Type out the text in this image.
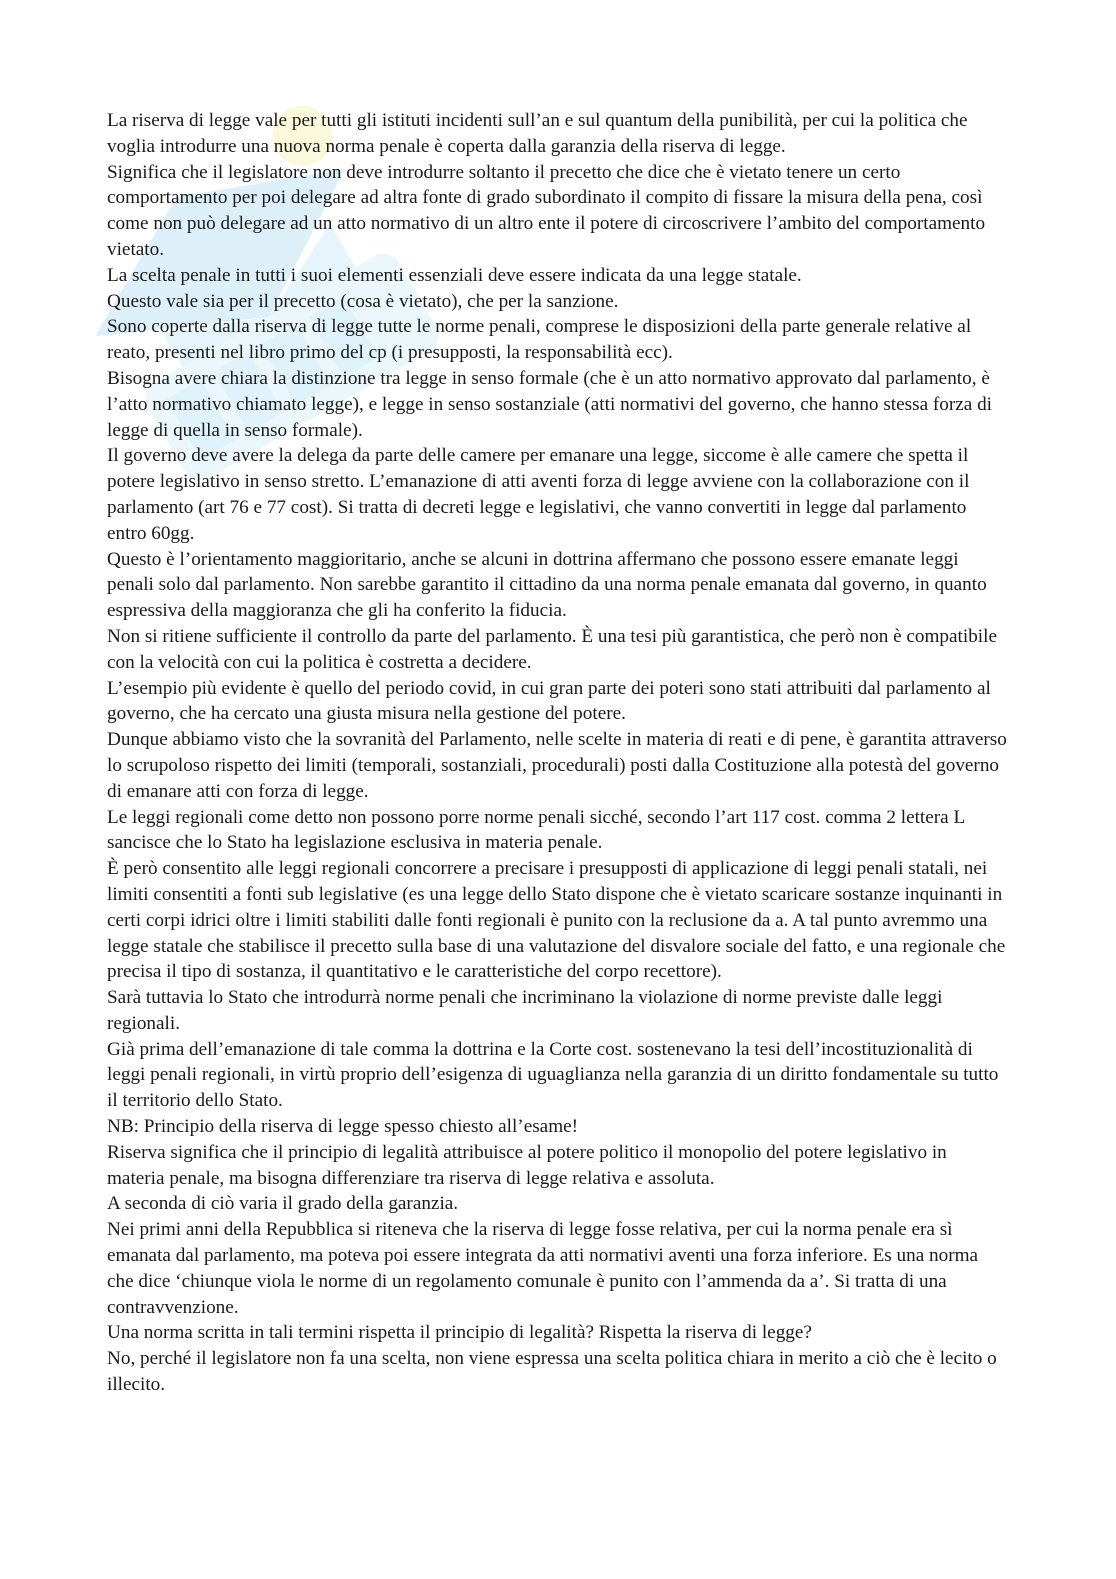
La riserva di legge vale per tutti gli istituti incidenti sull’an e sul quantum della punibilità, per cui la politica che voglia introdurre una nuova norma penale è coperta dalla garanzia della riserva di legge.

Significa che il legislatore non deve introdurre soltanto il precetto che dice che è vietato tenere un certo comportamento per poi delegare ad altra fonte di grado subordinato il compito di fissare la misura della pena, così come non può delegare ad un atto normativo di un altro ente il potere di circoscrivere l’ambito del comportamento vietato.

La scelta penale in tutti i suoi elementi essenziali deve essere indicata da una legge statale.

Questo vale sia per il precetto (cosa è vietato), che per la sanzione.

Sono coperte dalla riserva di legge tutte le norme penali, comprese le disposizioni della parte generale relative al reato, presenti nel libro primo del cp (i presupposti, la responsabilità ecc).

Bisogna avere chiara la distinzione tra legge in senso formale (che è un atto normativo approvato dal parlamento, è l’atto normativo chiamato legge), e legge in senso sostanziale (atti normativi del governo, che hanno stessa forza di legge di quella in senso formale).

Il governo deve avere la delega da parte delle camere per emanare una legge, siccome è alle camere che spetta il potere legislativo in senso stretto. L’emanazione di atti aventi forza di legge avviene con la collaborazione con il parlamento (art 76 e 77 cost). Si tratta di decreti legge e legislativi, che vanno convertiti in legge dal parlamento entro 60gg.

Questo è l’orientamento maggioritario, anche se alcuni in dottrina affermano che possono essere emanate leggi penali solo dal parlamento. Non sarebbe garantito il cittadino da una norma penale emanata dal governo, in quanto espressiva della maggioranza che gli ha conferito la fiducia.

Non si ritiene sufficiente il controllo da parte del parlamento. È una tesi più garantistica, che però non è compatibile con la velocità con cui la politica è costretta a decidere.

L’esempio più evidente è quello del periodo covid, in cui gran parte dei poteri sono stati attribuiti dal parlamento al governo, che ha cercato una giusta misura nella gestione del potere.

Dunque abbiamo visto che la sovranità del Parlamento, nelle scelte in materia di reati e di pene, è garantita attraverso lo scrupoloso rispetto dei limiti (temporali, sostanziali, procedurali) posti dalla Costituzione alla potestà del governo di emanare atti con forza di legge.

Le leggi regionali come detto non possono porre norme penali sicché, secondo l’art 117 cost. comma 2 lettera L sancisce che lo Stato ha legislazione esclusiva in materia penale.

È però consentito alle leggi regionali concorrere a precisare i presupposti di applicazione di leggi penali statali, nei limiti consentiti a fonti sub legislative (es una legge dello Stato dispone che è vietato scaricare sostanze inquinanti in certi corpi idrici oltre i limiti stabiliti dalle fonti regionali è punito con la reclusione da a. A tal punto avremmo una legge statale che stabilisce il precetto sulla base di una valutazione del disvalore sociale del fatto, e una regionale che precisa il tipo di sostanza, il quantitativo e le caratteristiche del corpo recettore).

Sarà tuttavia lo Stato che introdurrà norme penali che incriminano la violazione di norme previste dalle leggi regionali.

Già prima dell’emanazione di tale comma la dottrina e la Corte cost. sostenevano la tesi dell’incostituzionalità di leggi penali regionali, in virtù proprio dell’esigenza di uguaglianza nella garanzia di un diritto fondamentale su tutto il territorio dello Stato.

NB: Principio della riserva di legge spesso chiesto all’esame!

Riserva significa che il principio di legalità attribuisce al potere politico il monopolio del potere legislativo in materia penale, ma bisogna differenziare tra riserva di legge relativa e assoluta.

A seconda di ciò varia il grado della garanzia.

Nei primi anni della Repubblica si riteneva che la riserva di legge fosse relativa, per cui la norma penale era sì emanata dal parlamento, ma poteva poi essere integrata da atti normativi aventi una forza inferiore. Es una norma che dice ‘chiunque viola le norme di un regolamento comunale è punito con l’ammenda da a’. Si tratta di una contravvenzione.

Una norma scritta in tali termini rispetta il principio di legalità? Rispetta la riserva di legge?

No, perché il legislatore non fa una scelta, non viene espressa una scelta politica chiara in merito a ciò che è lecito o illecito.
